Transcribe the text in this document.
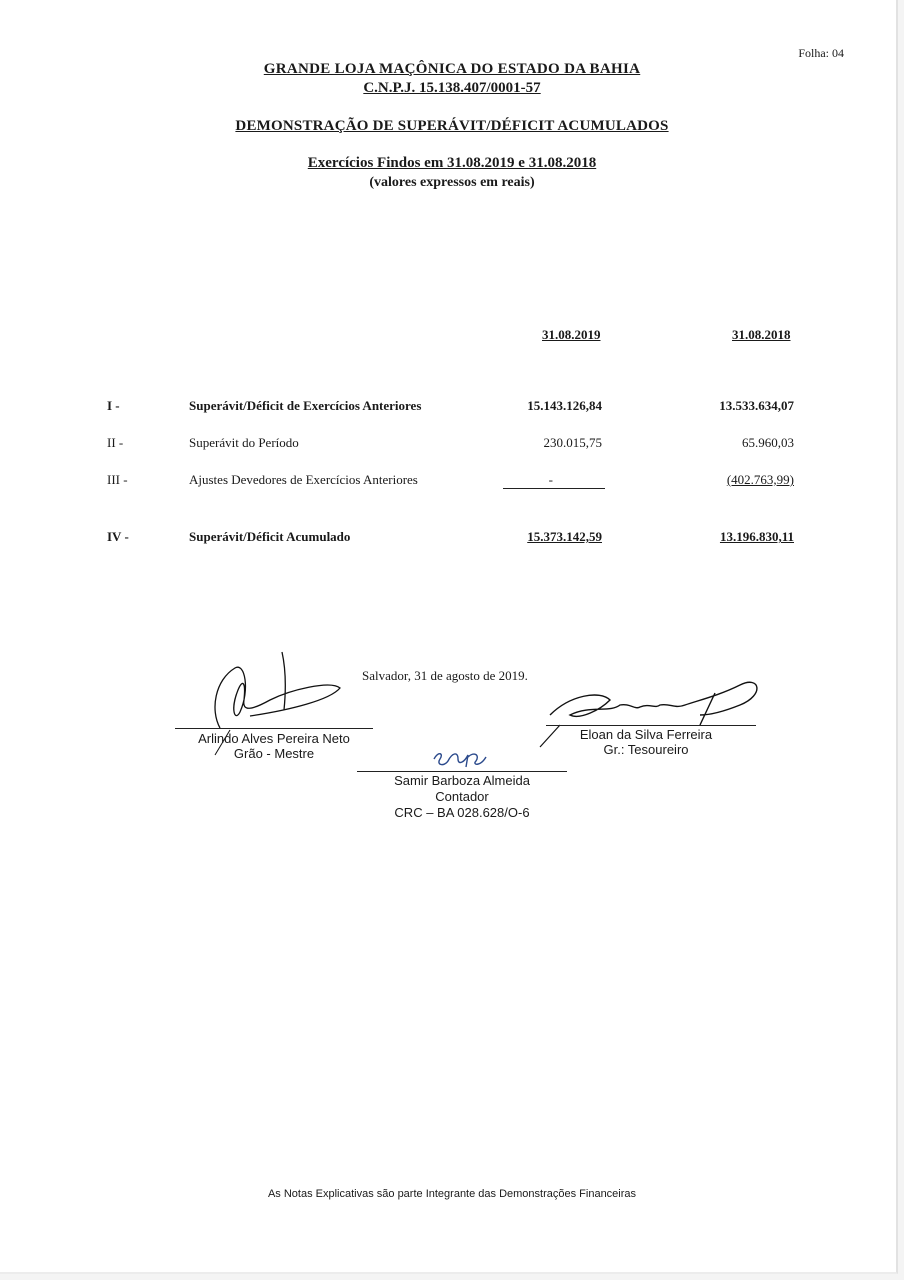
Folha: 04
GRANDE LOJA MAÇÔNICA DO ESTADO DA BAHIA
C.N.P.J. 15.138.407/0001-57
DEMONSTRAÇÃO DE SUPERÁVIT/DÉFICIT ACUMULADOS
Exercícios Findos em 31.08.2019 e 31.08.2018
(valores expressos em reais)
31.08.2019	31.08.2018
I -	Superávit/Déficit de Exercícios Anteriores	15.143.126,84	13.533.634,07
II -	Superávit do Período	230.015,75	65.960,03
III -	Ajustes Devedores de Exercícios Anteriores	-	(402.763,99)
IV -	Superávit/Déficit Acumulado	15.373.142,59	13.196.830,11
Salvador, 31 de agosto de 2019.
Arlindo Alves Pereira Neto
Grão - Mestre
Eloan da Silva Ferreira
Gr.: Tesoureiro
Samir Barboza Almeida
Contador
CRC – BA 028.628/O-6
As Notas Explicativas são parte Integrante das Demonstrações Financeiras
